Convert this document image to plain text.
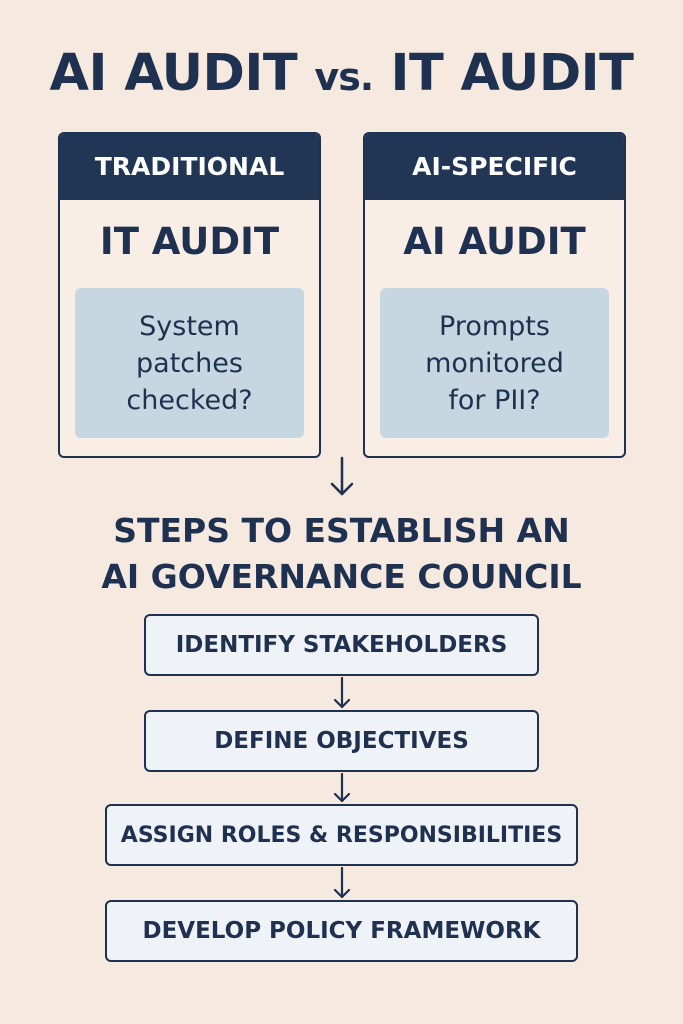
AI AUDIT vs. IT AUDIT
TRADITIONAL
IT AUDIT
System
patches
checked?
AI-SPECIFIC
AI AUDIT
Prompts
monitored
for PII?
STEPS TO ESTABLISH AN
AI GOVERNANCE COUNCIL
IDENTIFY STAKEHOLDERS
DEFINE OBJECTIVES
ASSIGN ROLES & RESPONSIBILITIES
DEVELOP POLICY FRAMEWORK
